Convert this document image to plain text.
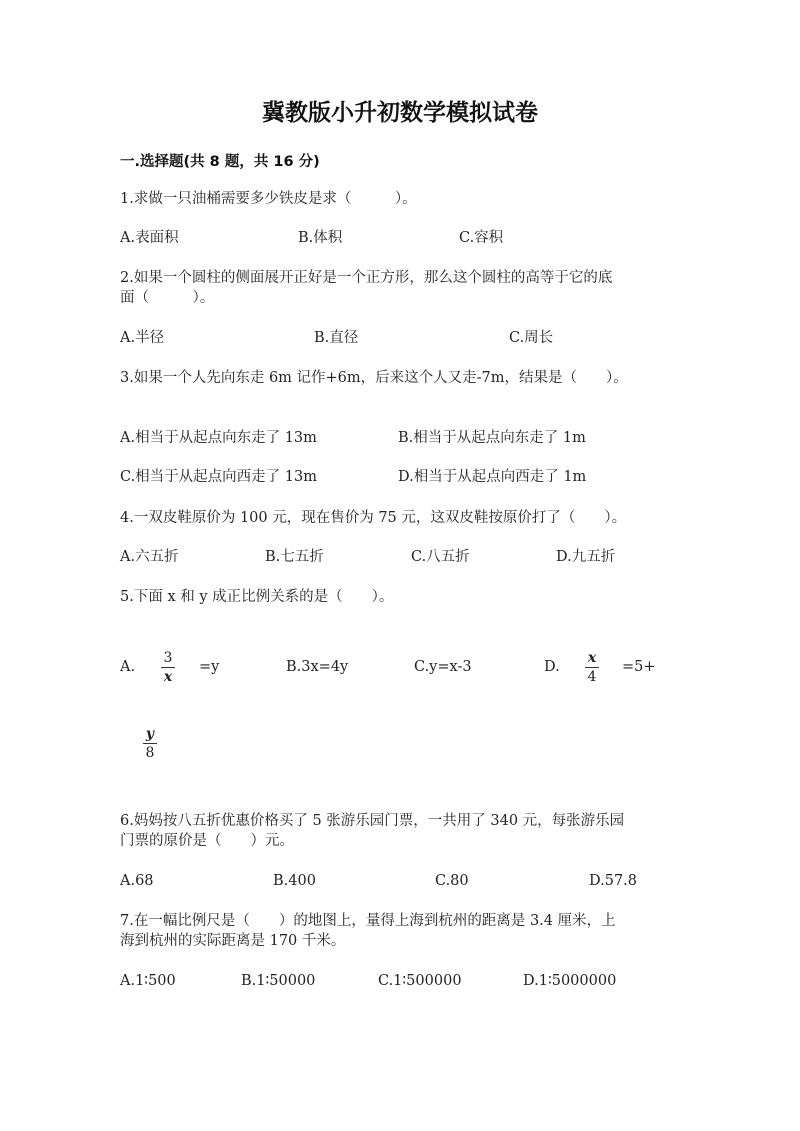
冀教版小升初数学模拟试卷
一.选择题(共 8 题，共 16 分)
1.求做一只油桶需要多少铁皮是求（　　　）。
A.表面积	B.体积	C.容积
2.如果一个圆柱的侧面展开正好是一个正方形，那么这个圆柱的高等于它的底
面（　　　）。
A.半径	B.直径	C.周长
3.如果一个人先向东走 6m 记作+6m，后来这个人又走-7m，结果是（　　）。
A.相当于从起点向东走了 13m	B.相当于从起点向东走了 1m
C.相当于从起点向西走了 13m	D.相当于从起点向西走了 1m
4.一双皮鞋原价为 100 元，现在售价为 75 元，这双皮鞋按原价打了（　　）。
A.六五折	B.七五折	C.八五折	D.九五折
5.下面 x 和 y 成正比例关系的是（　　）。
A.
3
x
=y	B.3x=4y	C.y=x-3	D.
x
4
=5+
y
8
6.妈妈按八五折优惠价格买了 5 张游乐园门票，一共用了 340 元，每张游乐园
门票的原价是（　　）元。
A.68	B.400	C.80	D.57.8
7.在一幅比例尺是（　　）的地图上，量得上海到杭州的距离是 3.4 厘米，上
海到杭州的实际距离是 170 千米。
A.1∶500	B.1∶50000	C.1∶500000	D.1∶5000000
